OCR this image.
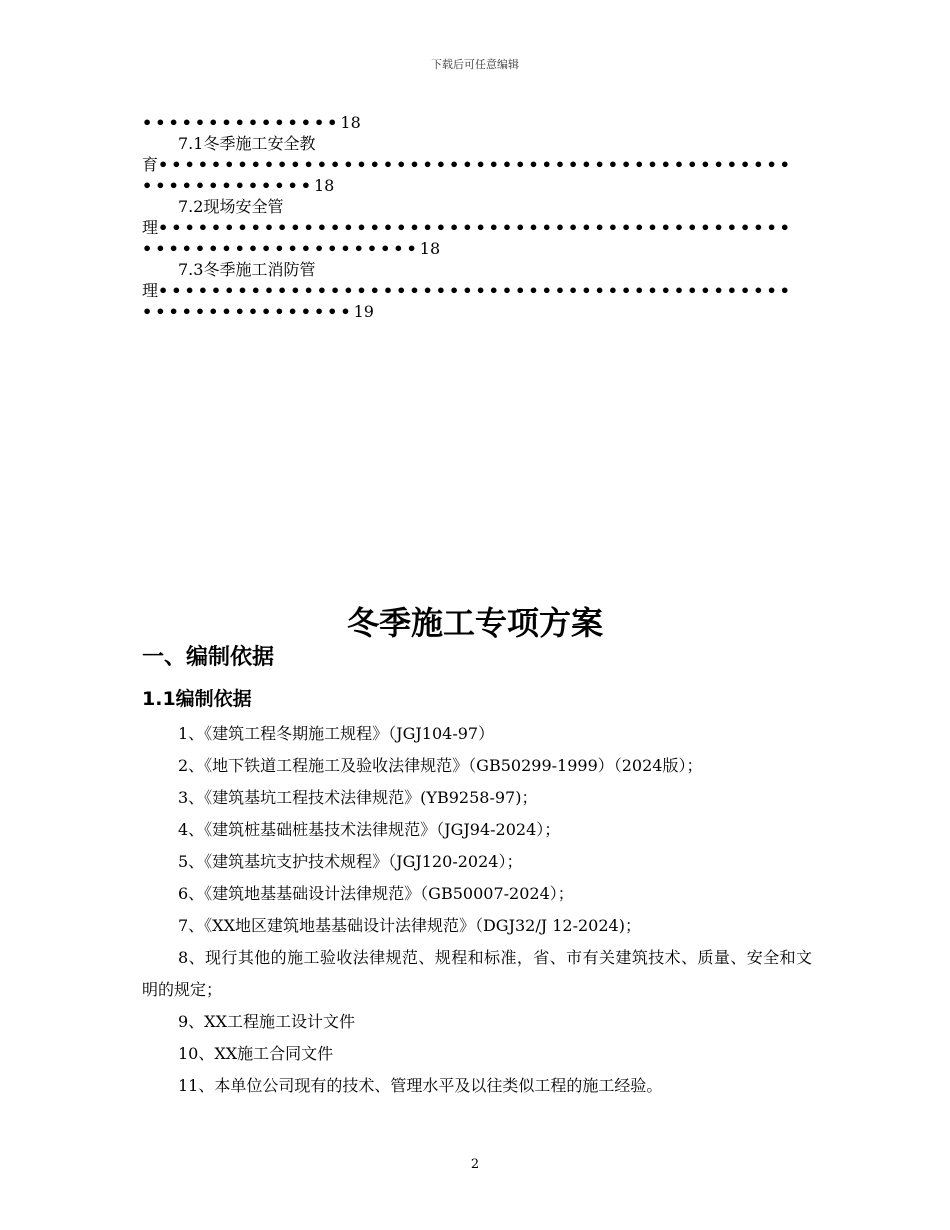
下载后可任意编辑
•••••••••••••••18
7.1冬季施工安全教
育••••••••••••••••••••••••••••••••••••••••••••••••
•••••••••••••18
7.2现场安全管
理••••••••••••••••••••••••••••••••••••••••••••••••
•••••••••••••••••••••18
7.3冬季施工消防管
理••••••••••••••••••••••••••••••••••••••••••••••••
••••••••••••••••19
冬季施工专项方案
一、编制依据
1.1编制依据
1、《建筑工程冬期施工规程》（JGJ104-97）
2、《地下铁道工程施工及验收法律规范》（GB50299-1999）（2024版）；
3、《建筑基坑工程技术法律规范》(YB9258-97)；
4、《建筑桩基础桩基技术法律规范》（JGJ94-2024）；
5、《建筑基坑支护技术规程》（JGJ120-2024）；
6、《建筑地基基础设计法律规范》（GB50007-2024）；
7、《XX地区建筑地基基础设计法律规范》（DGJ32/J 12-2024)；
8、现行其他的施工验收法律规范、规程和标准，省、市有关建筑技术、质量、安全和文明的规定；
9、XX工程施工设计文件
10、XX施工合同文件
11、本单位公司现有的技术、管理水平及以往类似工程的施工经验。
2
